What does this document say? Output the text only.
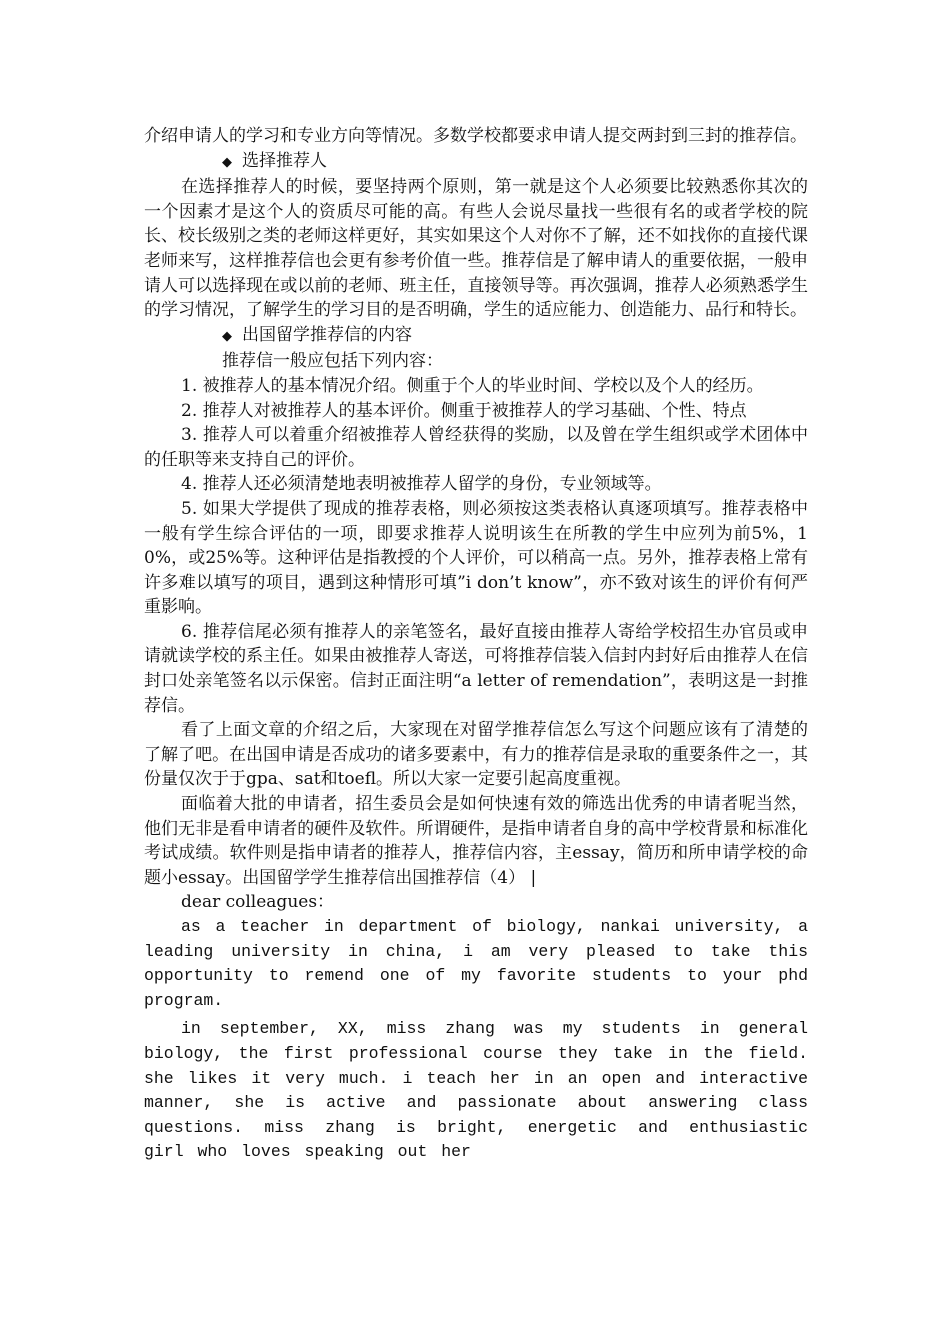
介绍申请人的学习和专业方向等情况。多数学校都要求申请人提交两封到三封的推荐信。

◆ 选择推荐人

在选择推荐人的时候，要坚持两个原则，第一就是这个人必须要比较熟悉你其次的一个因素才是这个人的资质尽可能的高。有些人会说尽量找一些很有名的或者学校的院长、校长级别之类的老师这样更好，其实如果这个人对你不了解，还不如找你的直接代课老师来写，这样推荐信也会更有参考价值一些。推荐信是了解申请人的重要依据，一般申请人可以选择现在或以前的老师、班主任，直接领导等。再次强调，推荐人必须熟悉学生的学习情况，了解学生的学习目的是否明确，学生的适应能力、创造能力、品行和特长。

◆ 出国留学推荐信的内容

推荐信一般应包括下列内容：

1. 被推荐人的基本情况介绍。侧重于个人的毕业时间、学校以及个人的经历。

2. 推荐人对被推荐人的基本评价。侧重于被推荐人的学习基础、个性、特点

3. 推荐人可以着重介绍被推荐人曾经获得的奖励，以及曾在学生组织或学术团体中的任职等来支持自己的评价。

4. 推荐人还必须清楚地表明被推荐人留学的身份，专业领域等。

5. 如果大学提供了现成的推荐表格，则必须按这类表格认真逐项填写。推荐表格中一般有学生综合评估的一项，即要求推荐人说明该生在所教的学生中应列为前5%，10%，或25%等。这种评估是指教授的个人评价，可以稍高一点。另外，推荐表格上常有许多难以填写的项目，遇到这种情形可填”i don’t know”，亦不致对该生的评价有何严重影响。

6. 推荐信尾必须有推荐人的亲笔签名，最好直接由推荐人寄给学校招生办官员或申请就读学校的系主任。如果由被推荐人寄送，可将推荐信装入信封内封好后由推荐人在信封口处亲笔签名以示保密。信封正面注明“a letter of remendation”，表明这是一封推荐信。

看了上面文章的介绍之后，大家现在对留学推荐信怎么写这个问题应该有了清楚的了解了吧。在出国申请是否成功的诸多要素中，有力的推荐信是录取的重要条件之一，其份量仅次于于gpa、sat和toefl。所以大家一定要引起高度重视。

面临着大批的申请者，招生委员会是如何快速有效的筛选出优秀的申请者呢当然，他们无非是看申请者的硬件及软件。所谓硬件，是指申请者自身的高中学校背景和标准化考试成绩。软件则是指申请者的推荐人，推荐信内容，主essay，简历和所申请学校的命题小essay。出国留学学生推荐信出国推荐信（4） |

dear colleagues：

as a teacher in department of biology, nankai university, a leading university in china, i am very pleased to take this opportunity to remend one of my favorite students to your phd program.

in september, XX, miss zhang was my students in general biology, the first professional course they take in the field. she likes it very much. i teach her in an open and interactive manner, she is active and passionate about answering class questions. miss zhang is bright, energetic and enthusiastic girl who loves speaking out her
